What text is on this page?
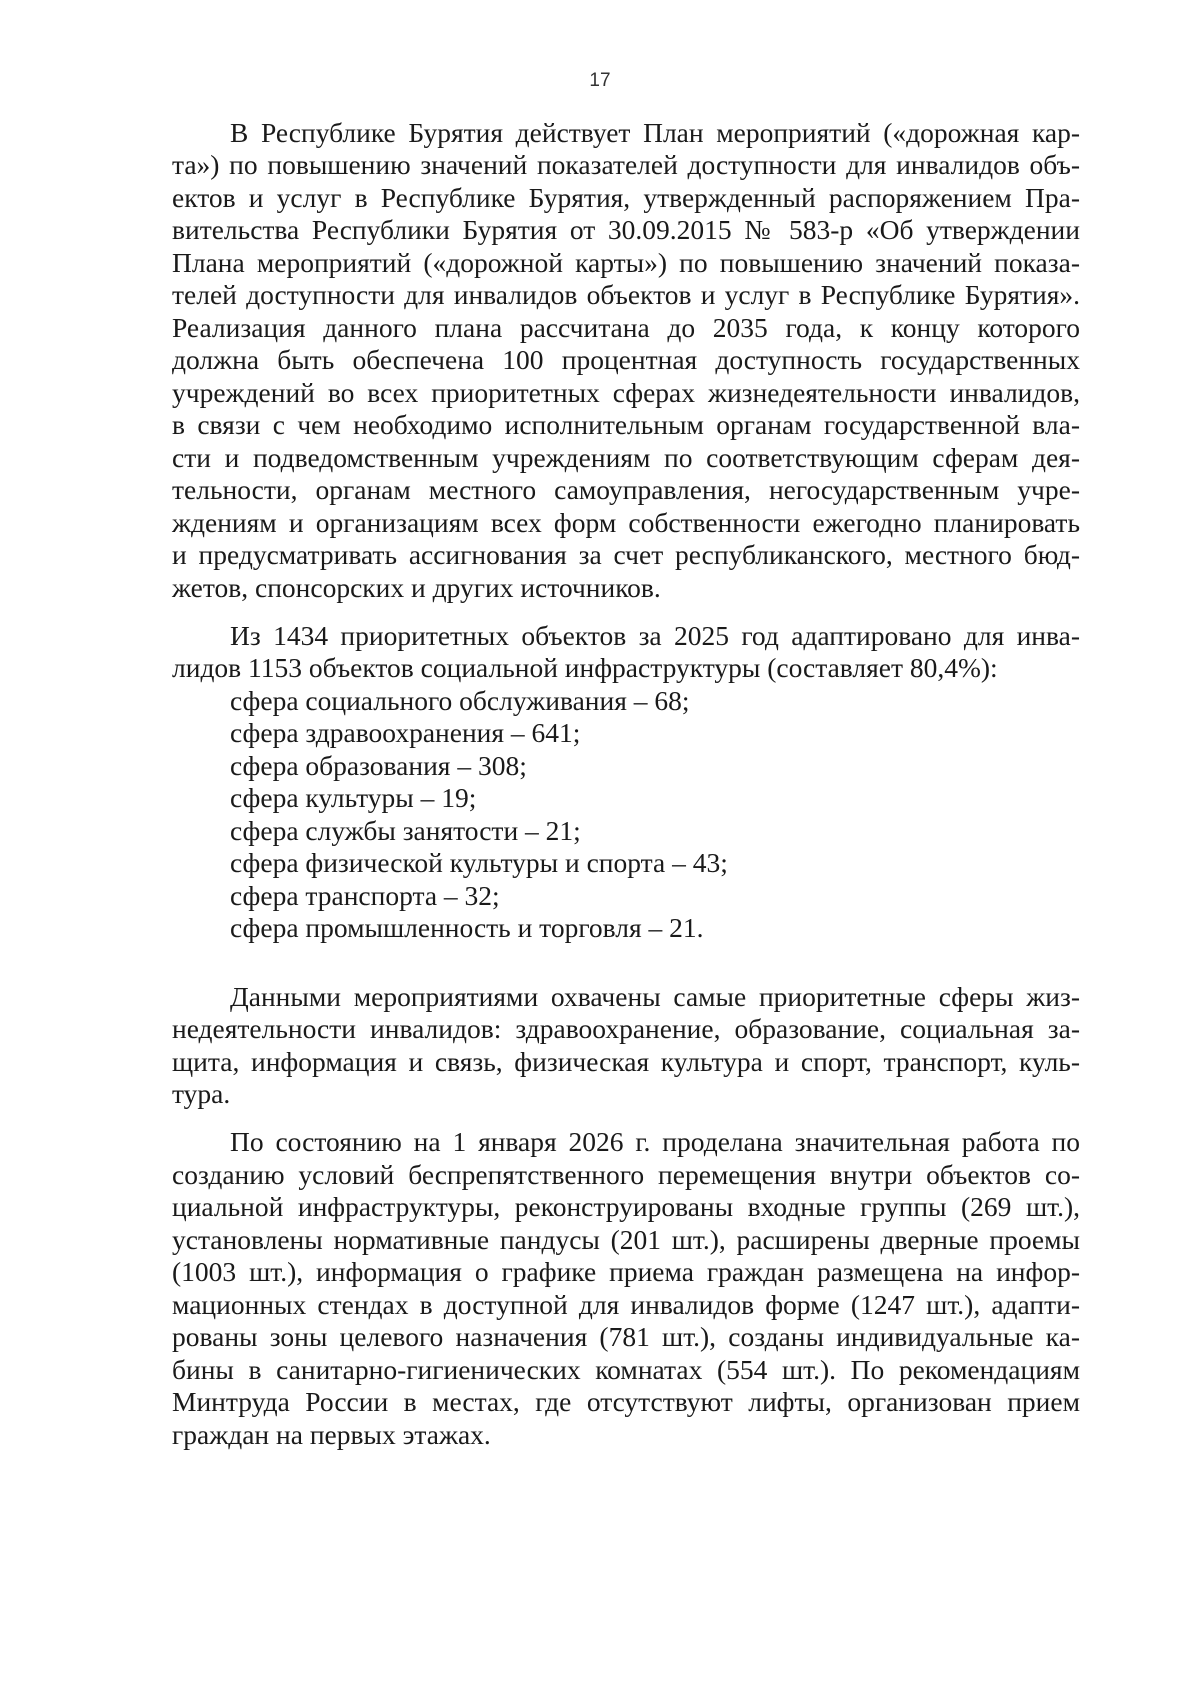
17
В Республике Бурятия действует План мероприятий («дорожная кар-
та») по повышению значений показателей доступности для инвалидов объ-
ектов и услуг в Республике Бурятия, утвержденный распоряжением Пра-
вительства Республики Бурятия от 30.09.2015 № 583-р «Об утверждении
Плана мероприятий («дорожной карты») по повышению значений показа-
телей доступности для инвалидов объектов и услуг в Республике Бурятия».
Реализация данного плана рассчитана до 2035 года, к концу которого
должна быть обеспечена 100 процентная доступность государственных
учреждений во всех приоритетных сферах жизнедеятельности инвалидов,
в связи с чем необходимо исполнительным органам государственной вла-
сти и подведомственным учреждениям по соответствующим сферам дея-
тельности, органам местного самоуправления, негосударственным учре-
ждениям и организациям всех форм собственности ежегодно планировать
и предусматривать ассигнования за счет республиканского, местного бюд-
жетов, спонсорских и других источников.
Из 1434 приоритетных объектов за 2025 год адаптировано для инва-
лидов 1153 объектов социальной инфраструктуры (составляет 80,4%):
сфера социального обслуживания – 68;
сфера здравоохранения – 641;
сфера образования – 308;
сфера культуры – 19;
сфера службы занятости – 21;
сфера физической культуры и спорта – 43;
сфера транспорта – 32;
сфера промышленность и торговля – 21.
Данными мероприятиями охвачены самые приоритетные сферы жиз-
недеятельности инвалидов: здравоохранение, образование, социальная за-
щита, информация и связь, физическая культура и спорт, транспорт, куль-
тура.
По состоянию на 1 января 2026 г. проделана значительная работа по
созданию условий беспрепятственного перемещения внутри объектов со-
циальной инфраструктуры, реконструированы входные группы (269 шт.),
установлены нормативные пандусы (201 шт.), расширены дверные проемы
(1003 шт.), информация о графике приема граждан размещена на инфор-
мационных стендах в доступной для инвалидов форме (1247 шт.), адапти-
рованы зоны целевого назначения (781 шт.), созданы индивидуальные ка-
бины в санитарно-гигиенических комнатах (554 шт.). По рекомендациям
Минтруда России в местах, где отсутствуют лифты, организован прием
граждан на первых этажах.
